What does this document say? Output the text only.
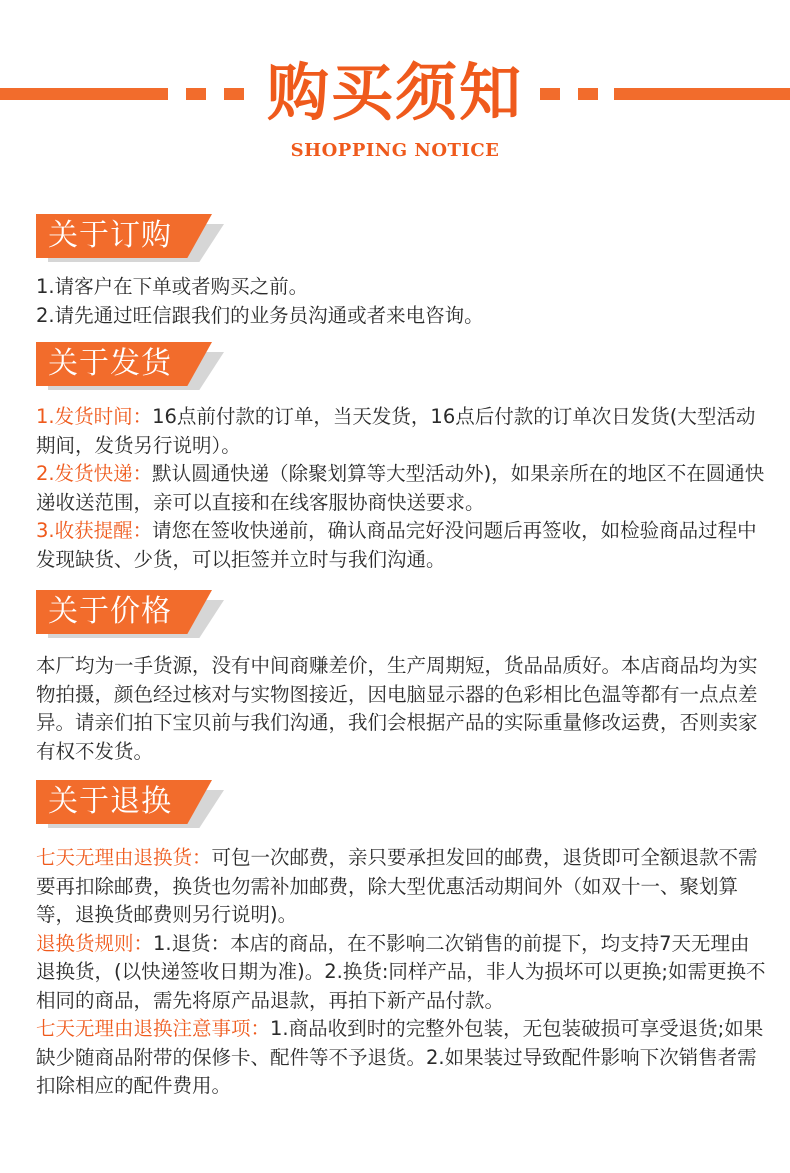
购买须知
SHOPPING NOTICE
关于订购

1.请客户在下单或者购买之前。

2.请先通过旺信跟我们的业务员沟通或者来电咨询。

关于发货

1.发货时间：16点前付款的订单，当天发货，16点后付款的订单次日发货(大型活动期间，发货另行说明）。

2.发货快递：默认圆通快递（除聚划算等大型活动外)，如果亲所在的地区不在圆通快递收送范围，亲可以直接和在线客服协商快送要求。

3.收获提醒：请您在签收快递前，确认商品完好没问题后再签收，如检验商品过程中发现缺货、少货，可以拒签并立时与我们沟通。

关于价格

本厂均为一手货源，没有中间商赚差价，生产周期短，货品品质好。本店商品均为实物拍摄，颜色经过核对与实物图接近，因电脑显示器的色彩相比色温等都有一点点差异。请亲们拍下宝贝前与我们沟通，我们会根据产品的实际重量修改运费，否则卖家有权不发货。

关于退换

七天无理由退换货：可包一次邮费，亲只要承担发回的邮费，退货即可全额退款不需要再扣除邮费，换货也勿需补加邮费，除大型优惠活动期间外（如双十一、聚划算等，退换货邮费则另行说明)。

退换货规则：1.退货：本店的商品，在不影响二次销售的前提下，均支持7天无理由退换货，(以快递签收日期为准)。2.换货:同样产品，非人为损坏可以更换;如需更换不相同的商品，需先将原产品退款，再拍下新产品付款。

七天无理由退换注意事项：1.商品收到时的完整外包装，无包装破损可享受退货;如果缺少随商品附带的保修卡、配件等不予退货。2.如果装过导致配件影响下次销售者需扣除相应的配件费用。
